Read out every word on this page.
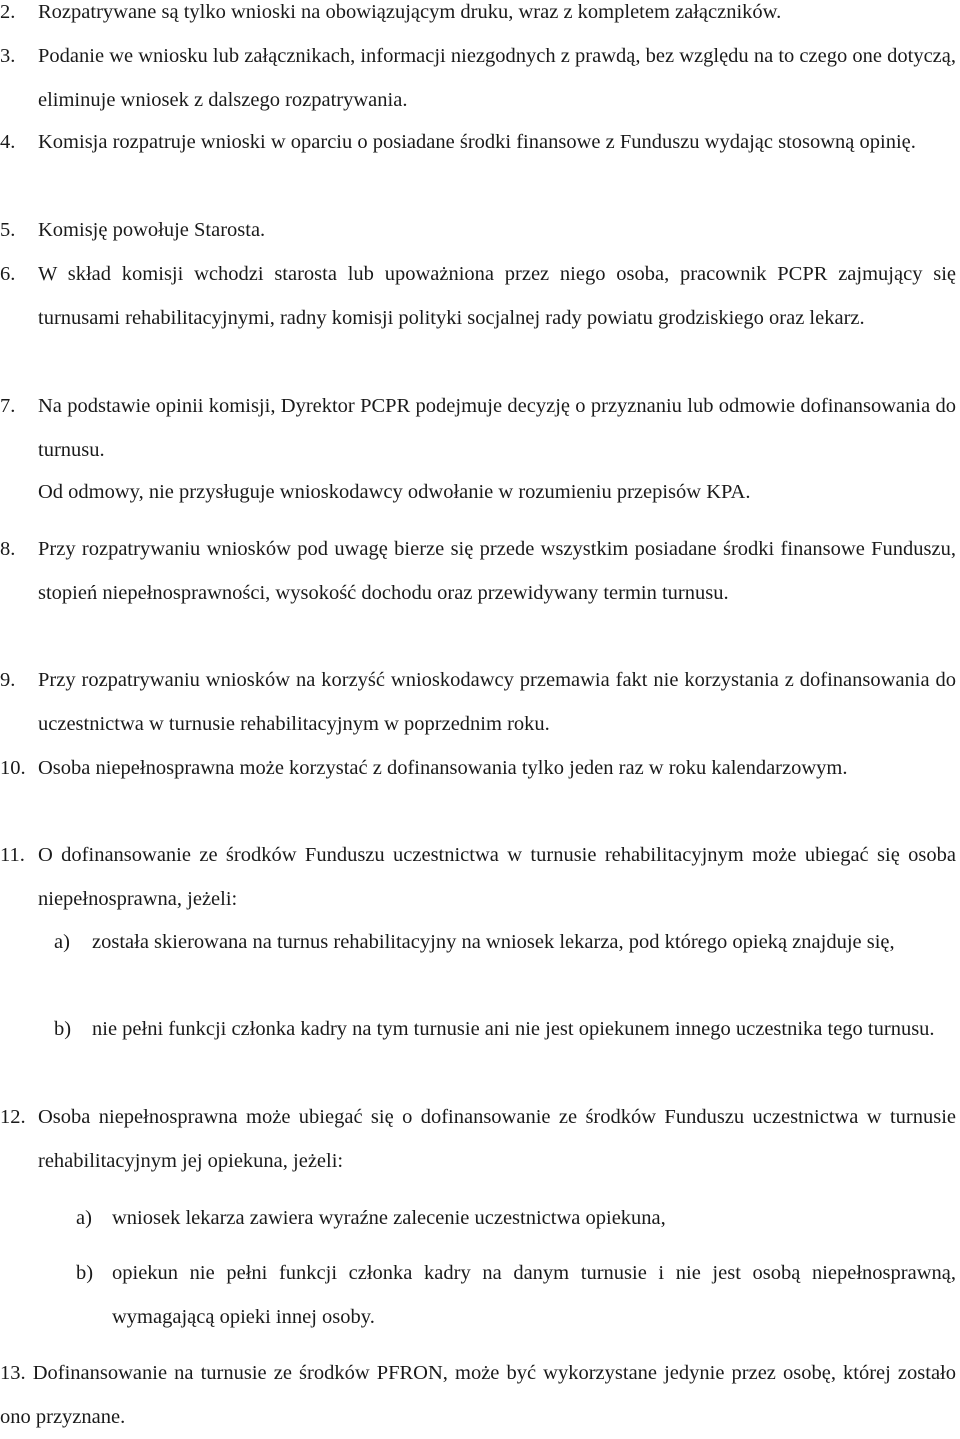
2. Rozpatrywane są tylko wnioski na obowiązującym druku, wraz z kompletem załączników.
3. Podanie we wniosku lub załącznikach, informacji niezgodnych z prawdą, bez względu na to czego one dotyczą, eliminuje wniosek z dalszego rozpatrywania.
4. Komisja rozpatruje wnioski w oparciu o posiadane środki finansowe z Funduszu wydając stosowną opinię.
5. Komisję powołuje Starosta.
6. W skład komisji wchodzi starosta lub upoważniona przez niego osoba, pracownik PCPR zajmujący się turnusami rehabilitacyjnymi, radny komisji polityki socjalnej rady powiatu grodziskiego oraz lekarz.
7. Na podstawie opinii komisji, Dyrektor PCPR podejmuje decyzję o przyznaniu lub odmowie dofinansowania do turnusu.
Od odmowy, nie przysługuje wnioskodawcy odwołanie w rozumieniu przepisów KPA.
8. Przy rozpatrywaniu wniosków pod uwagę bierze się przede wszystkim posiadane środki finansowe Funduszu, stopień niepełnosprawności, wysokość dochodu oraz przewidywany termin turnusu.
9. Przy rozpatrywaniu wniosków na korzyść wnioskodawcy przemawia fakt nie korzystania z dofinansowania do uczestnictwa w turnusie rehabilitacyjnym w poprzednim roku.
10. Osoba niepełnosprawna może korzystać z dofinansowania tylko jeden raz w roku kalendarzowym.
11. O dofinansowanie ze środków Funduszu uczestnictwa w turnusie rehabilitacyjnym może ubiegać się osoba niepełnosprawna, jeżeli:
a) została skierowana na turnus rehabilitacyjny na wniosek lekarza, pod którego opieką znajduje się,
b) nie pełni funkcji członka kadry na tym turnusie ani nie jest opiekunem innego uczestnika tego turnusu.
12. Osoba niepełnosprawna może ubiegać się o dofinansowanie ze środków Funduszu uczestnictwa w turnusie rehabilitacyjnym jej opiekuna, jeżeli:
a) wniosek lekarza zawiera wyraźne zalecenie uczestnictwa opiekuna,
b) opiekun nie pełni funkcji członka kadry na danym turnusie i nie jest osobą niepełnosprawną, wymagającą opieki innej osoby.
13. Dofinansowanie na turnusie ze środków PFRON, może być wykorzystane jedynie przez osobę, której zostało ono przyznane.
